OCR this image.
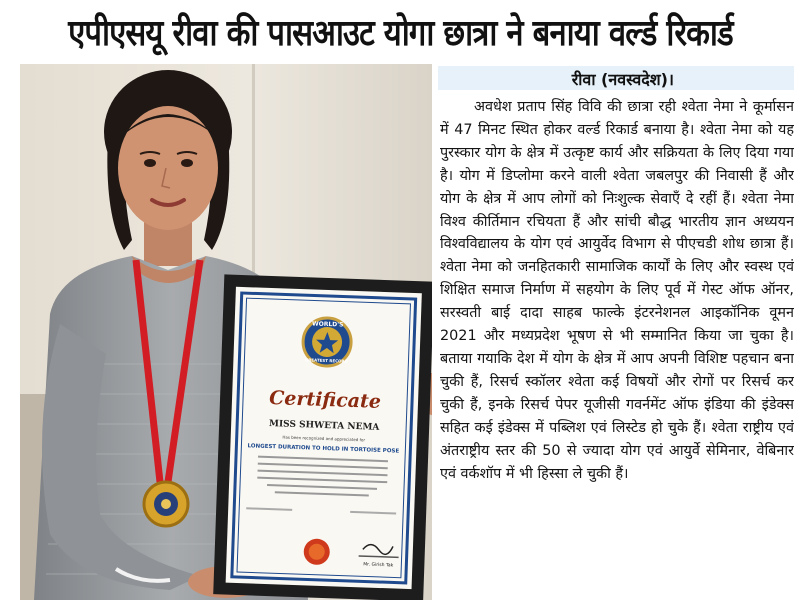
एपीएसयू रीवा की पासआउट योगा छात्रा ने बनाया वर्ल्ड रिकार्ड
WORLD'S
GREATEST RECORD
Certificate
MISS SHWETA NEMA
Has been recognized and appreciated for
LONGEST DURATION TO HOLD IN TORTOISE POSE
Mr. Girish Tak
रीवा (नवस्वदेश)।

अवधेश प्रताप सिंह विवि की छात्रा रही श्वेता नेमा ने कूर्मासन में 47 मिनट स्थित होकर वर्ल्ड रिकार्ड बनाया है। श्वेता नेमा को यह पुरस्कार योग के क्षेत्र में उत्कृष्ट कार्य और सक्रियता के लिए दिया गया है। योग में डिप्लोमा करने वाली श्वेता जबलपुर की निवासी हैं और योग के क्षेत्र में आप लोगों को निःशुल्क सेवाएँ दे रहीं हैं। श्वेता नेमा विश्व कीर्तिमान रचियता हैं और सांची बौद्ध भारतीय ज्ञान अध्ययन विश्वविद्यालय के योग एवं आयुर्वेद विभाग से पीएचडी शोध छात्रा हैं। श्वेता नेमा को जनहितकारी सामाजिक कार्यों के लिए और स्वस्थ एवं शिक्षित समाज निर्माण में सहयोग के लिए पूर्व में गेस्ट ऑफ ऑनर, सरस्वती बाई दादा साहब फाल्के इंटरनेशनल आइकॉनिक वूमन 2021 और मध्यप्रदेश भूषण से भी सम्मानित किया जा चुका है। बताया गयाकि देश में योग के क्षेत्र में आप अपनी विशिष्ट पहचान बना चुकी हैं, रिसर्च स्कॉलर श्वेता कई विषयों और रोगों पर रिसर्च कर चुकी हैं, इनके रिसर्च पेपर यूजीसी गवर्नमेंट ऑफ इंडिया की इंडेक्स सहित कई इंडेक्स में पब्लिश एवं लिस्टेड हो चुके हैं। श्वेता राष्ट्रीय एवं अंतराष्ट्रीय स्तर की 50 से ज्यादा योग एवं आयुर्वे सेमिनार, वेबिनार एवं वर्कशॉप में भी हिस्सा ले चुकी हैं।
